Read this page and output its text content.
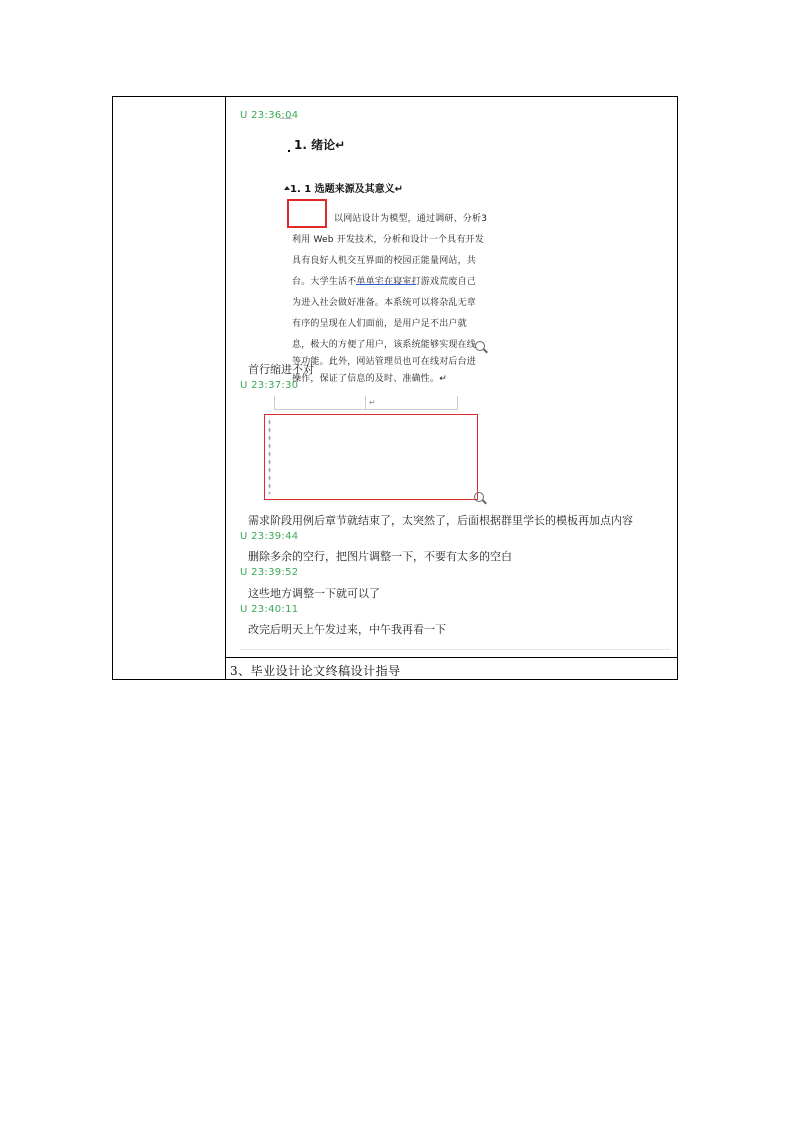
U 23:36:04
1. 绪论↵
1. 1 选题来源及其意义↵
以网站设计为模型，通过调研、分析3
利用 Web 开发技术，分析和设计一个具有开发
具有良好人机交互界面的校园正能量网站，共
台。大学生活不单单宅在寝室打游戏荒废自己
为进入社会做好准备。本系统可以将杂乱无章
有序的呈现在人们面前，是用户足不出户就
息，极大的方便了用户，该系统能够实现在线
等功能。此外，网站管理员也可在线对后台进
操作，保证了信息的及时、准确性。↵
首行缩进不对
U 23:37:30
↵
需求阶段用例后章节就结束了，太突然了，后面根据群里学长的模板再加点内容
U 23:39:44
删除多余的空行，把图片调整一下，不要有太多的空白
U 23:39:52
这些地方调整一下就可以了
U 23:40:11
改完后明天上午发过来，中午我再看一下
3、毕业设计论文终稿设计指导
